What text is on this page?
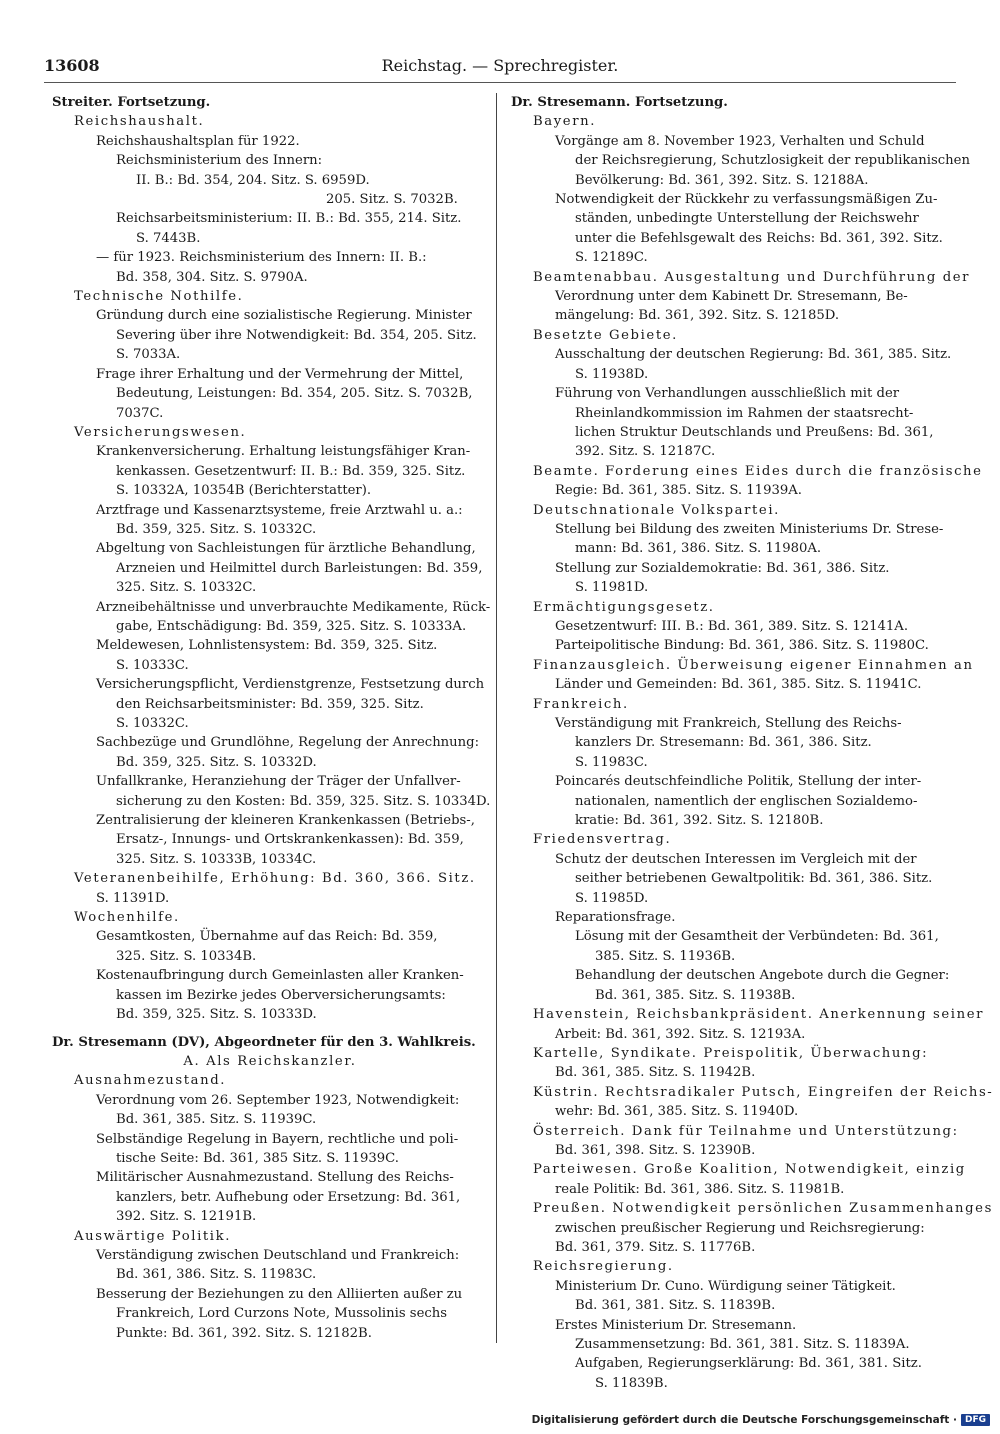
13608	Reichstag. — Sprechregister.
Streiter. Fortsetzung.
Reichshaushalt.
Reichshaushaltsplan für 1922.
Reichsministerium des Innern:
II. B.: Bd. 354, 204. Sitz. S. 6959D.
205. Sitz. S. 7032B.
Reichsarbeitsministerium: II. B.: Bd. 355, 214. Sitz.
S. 7443B.
— für 1923. Reichsministerium des Innern: II. B.:
Bd. 358, 304. Sitz. S. 9790A.
Technische Nothilfe.
Gründung durch eine sozialistische Regierung. Minister
Severing über ihre Notwendigkeit: Bd. 354, 205. Sitz.
S. 7033A.
Frage ihrer Erhaltung und der Vermehrung der Mittel,
Bedeutung, Leistungen: Bd. 354, 205. Sitz. S. 7032B,
7037C.
Versicherungswesen.
Krankenversicherung. Erhaltung leistungsfähiger Kran-
kenkassen. Gesetzentwurf: II. B.: Bd. 359, 325. Sitz.
S. 10332A, 10354B (Berichterstatter).
Arztfrage und Kassenarztsysteme, freie Arztwahl u. a.:
Bd. 359, 325. Sitz. S. 10332C.
Abgeltung von Sachleistungen für ärztliche Behandlung,
Arzneien und Heilmittel durch Barleistungen: Bd. 359,
325. Sitz. S. 10332C.
Arzneibehältnisse und unverbrauchte Medikamente, Rück-
gabe, Entschädigung: Bd. 359, 325. Sitz. S. 10333A.
Meldewesen, Lohnlistensystem: Bd. 359, 325. Sitz.
S. 10333C.
Versicherungspflicht, Verdienstgrenze, Festsetzung durch
den Reichsarbeitsminister: Bd. 359, 325. Sitz.
S. 10332C.
Sachbezüge und Grundlöhne, Regelung der Anrechnung:
Bd. 359, 325. Sitz. S. 10332D.
Unfallkranke, Heranziehung der Träger der Unfallver-
sicherung zu den Kosten: Bd. 359, 325. Sitz. S. 10334D.
Zentralisierung der kleineren Krankenkassen (Betriebs-,
Ersatz-, Innungs- und Ortskrankenkassen): Bd. 359,
325. Sitz. S. 10333B, 10334C.
Veteranenbeihilfe, Erhöhung: Bd. 360, 366. Sitz.
S. 11391D.
Wochenhilfe.
Gesamtkosten, Übernahme auf das Reich: Bd. 359,
325. Sitz. S. 10334B.
Kostenaufbringung durch Gemeinlasten aller Kranken-
kassen im Bezirke jedes Oberversicherungsamts:
Bd. 359, 325. Sitz. S. 10333D.
Dr. Stresemann (DV), Abgeordneter für den 3. Wahlkreis.
A. Als Reichskanzler.
Ausnahmezustand.
Verordnung vom 26. September 1923, Notwendigkeit:
Bd. 361, 385. Sitz. S. 11939C.
Selbständige Regelung in Bayern, rechtliche und poli-
tische Seite: Bd. 361, 385 Sitz. S. 11939C.
Militärischer Ausnahmezustand. Stellung des Reichs-
kanzlers, betr. Aufhebung oder Ersetzung: Bd. 361,
392. Sitz. S. 12191B.
Auswärtige Politik.
Verständigung zwischen Deutschland und Frankreich:
Bd. 361, 386. Sitz. S. 11983C.
Besserung der Beziehungen zu den Alliierten außer zu
Frankreich, Lord Curzons Note, Mussolinis sechs
Punkte: Bd. 361, 392. Sitz. S. 12182B.
Dr. Stresemann. Fortsetzung.
Bayern.
Vorgänge am 8. November 1923, Verhalten und Schuld
der Reichsregierung, Schutzlosigkeit der republikanischen
Bevölkerung: Bd. 361, 392. Sitz. S. 12188A.
Notwendigkeit der Rückkehr zu verfassungsmäßigen Zu-
ständen, unbedingte Unterstellung der Reichswehr
unter die Befehlsgewalt des Reichs: Bd. 361, 392. Sitz.
S. 12189C.
Beamtenabbau. Ausgestaltung und Durchführung der
Verordnung unter dem Kabinett Dr. Stresemann, Be-
mängelung: Bd. 361, 392. Sitz. S. 12185D.
Besetzte Gebiete.
Ausschaltung der deutschen Regierung: Bd. 361, 385. Sitz.
S. 11938D.
Führung von Verhandlungen ausschließlich mit der
Rheinlandkommission im Rahmen der staatsrecht-
lichen Struktur Deutschlands und Preußens: Bd. 361,
392. Sitz. S. 12187C.
Beamte. Forderung eines Eides durch die französische
Regie: Bd. 361, 385. Sitz. S. 11939A.
Deutschnationale Volkspartei.
Stellung bei Bildung des zweiten Ministeriums Dr. Strese-
mann: Bd. 361, 386. Sitz. S. 11980A.
Stellung zur Sozialdemokratie: Bd. 361, 386. Sitz.
S. 11981D.
Ermächtigungsgesetz.
Gesetzentwurf: III. B.: Bd. 361, 389. Sitz. S. 12141A.
Parteipolitische Bindung: Bd. 361, 386. Sitz. S. 11980C.
Finanzausgleich. Überweisung eigener Einnahmen an
Länder und Gemeinden: Bd. 361, 385. Sitz. S. 11941C.
Frankreich.
Verständigung mit Frankreich, Stellung des Reichs-
kanzlers Dr. Stresemann: Bd. 361, 386. Sitz.
S. 11983C.
Poincarés deutschfeindliche Politik, Stellung der inter-
nationalen, namentlich der englischen Sozialdemo-
kratie: Bd. 361, 392. Sitz. S. 12180B.
Friedensvertrag.
Schutz der deutschen Interessen im Vergleich mit der
seither betriebenen Gewaltpolitik: Bd. 361, 386. Sitz.
S. 11985D.
Reparationsfrage.
Lösung mit der Gesamtheit der Verbündeten: Bd. 361,
385. Sitz. S. 11936B.
Behandlung der deutschen Angebote durch die Gegner:
Bd. 361, 385. Sitz. S. 11938B.
Havenstein, Reichsbankpräsident. Anerkennung seiner
Arbeit: Bd. 361, 392. Sitz. S. 12193A.
Kartelle, Syndikate. Preispolitik, Überwachung:
Bd. 361, 385. Sitz. S. 11942B.
Küstrin. Rechtsradikaler Putsch, Eingreifen der Reichs-
wehr: Bd. 361, 385. Sitz. S. 11940D.
Österreich. Dank für Teilnahme und Unterstützung:
Bd. 361, 398. Sitz. S. 12390B.
Parteiwesen. Große Koalition, Notwendigkeit, einzig
reale Politik: Bd. 361, 386. Sitz. S. 11981B.
Preußen. Notwendigkeit persönlichen Zusammenhanges
zwischen preußischer Regierung und Reichsregierung:
Bd. 361, 379. Sitz. S. 11776B.
Reichsregierung.
Ministerium Dr. Cuno. Würdigung seiner Tätigkeit.
Bd. 361, 381. Sitz. S. 11839B.
Erstes Ministerium Dr. Stresemann.
Zusammensetzung: Bd. 361, 381. Sitz. S. 11839A.
Aufgaben, Regierungserklärung: Bd. 361, 381. Sitz.
S. 11839B.
Digitalisierung gefördert durch die Deutsche Forschungsgemeinschaft · DFG
